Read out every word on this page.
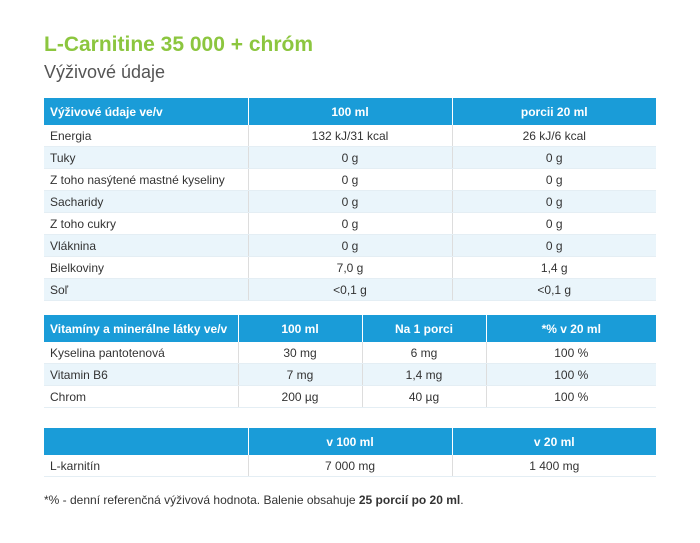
L-Carnitine 35 000 + chróm
Výživové údaje
Výživové údaje ve/v	100 ml	porcii 20 ml
Energia	132 kJ/31 kcal	26 kJ/6 kcal
Tuky	0 g	0 g
Z toho nasýtené mastné kyseliny	0 g	0 g
Sacharidy	0 g	0 g
Z toho cukry	0 g	0 g
Vláknina	0 g	0 g
Bielkoviny	7,0 g	1,4 g
Soľ	<0,1 g	<0,1 g
Vitamíny a minerálne látky ve/v	100 ml	Na 1 porci	*% v 20 ml
Kyselina pantotenová	30 mg	6 mg	100 %
Vitamin B6	7 mg	1,4 mg	100 %
Chrom	200 µg	40 µg	100 %
	v 100 ml	v 20 ml
L-karnitín	7 000 mg	1 400 mg
*% - denní referenčná výživová hodnota. Balenie obsahuje 25 porcií po 20 ml.
